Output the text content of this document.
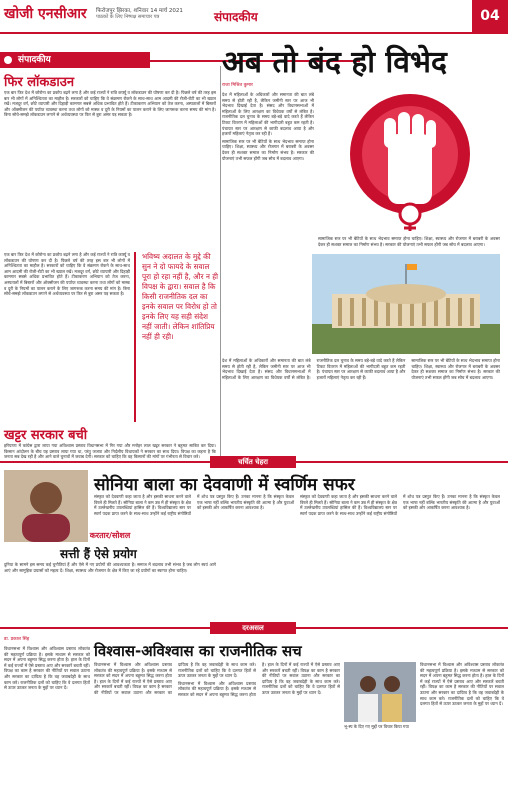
खोजी एनसीआर फिरोजपुर झिरका, शनिवार 14 मार्च 2021
पाठकों के लिए निष्पक्ष समाचार पत्र	संपादकीय	04
संपादकीय
फिर लॉकडाउन

एक बार फिर देश में कोरोना का प्रकोप बढ़ने लगा है और कई राज्यों ने रात्रि कर्फ्यू व लॉकडाउन की घोषणा कर दी है। पिछले वर्ष की तरह इस बार भी लोगों में अनिश्चितता का माहौल है। सरकारों को चाहिए कि वे संक्रमण रोकने के साथ-साथ आम आदमी की रोजी-रोटी का भी ख्याल रखें। मजदूर वर्ग, छोटे व्यापारी और दिहाड़ी कामगार सबसे अधिक प्रभावित होते हैं। टीकाकरण अभियान को तेज करना, अस्पतालों में बिस्तरों और ऑक्सीजन की पर्याप्त व्यवस्था करना तथा लोगों को मास्क व दूरी के नियमों का पालन कराने के लिए जागरूक करना समय की मांग है। बिना सोचे-समझे लॉकडाउन लगाने से अर्थव्यवस्था पर फिर से बुरा असर पड़ सकता है।

एक बार फिर देश में कोरोना का प्रकोप बढ़ने लगा है और कई राज्यों ने रात्रि कर्फ्यू व लॉकडाउन की घोषणा कर दी है। पिछले वर्ष की तरह इस बार भी लोगों में अनिश्चितता का माहौल है। सरकारों को चाहिए कि वे संक्रमण रोकने के साथ-साथ आम आदमी की रोजी-रोटी का भी ख्याल रखें। मजदूर वर्ग, छोटे व्यापारी और दिहाड़ी कामगार सबसे अधिक प्रभावित होते हैं। टीकाकरण अभियान को तेज करना, अस्पतालों में बिस्तरों और ऑक्सीजन की पर्याप्त व्यवस्था करना तथा लोगों को मास्क व दूरी के नियमों का पालन कराने के लिए जागरूक करना समय की मांग है। बिना सोचे-समझे लॉकडाउन लगाने से अर्थव्यवस्था पर फिर से बुरा असर पड़ सकता है।

भविष्य अदालत के मुद्दे की सुन ने दो फायदे के सवाल पूरा हो रहा नहीं है, और न ही विपक्ष के द्वारा। सवाल है कि किसी राजनीतिक दल का इनके सवाल पर विरोध हो तो इनके लिए यह सही संदेश नहीं जाती। लेकिन शांतिप्रिय नहीं ही रही।
खट्टर सरकार बची

हरियाणा में कांग्रेस द्वारा लाया गया अविश्वास प्रस्ताव विधानसभा में गिर गया और मनोहर लाल खट्टर सरकार ने बहुमत साबित कर दिया। किसान आंदोलन के बीच यह प्रस्ताव लाया गया था, परंतु जजपा और निर्दलीय विधायकों ने सरकार का साथ दिया। विपक्ष का कहना है कि जनता सब देख रही है और आने वाले चुनावों में जवाब देगी। सरकार को चाहिए कि वह किसानों की मांगों पर गंभीरता से विचार करे।

करतार/सोशल
सत्ती हैं ऐसे प्रयोग

दुनिया के सामने इस समय कई चुनौतियां हैं और ऐसे में नए प्रयोगों की आवश्यकता है। समाज में बदलाव तभी संभव है जब लोग स्वयं आगे आएं और सामूहिक प्रयासों को महत्व दें। शिक्षा, स्वास्थ्य और रोजगार के क्षेत्र में किए जा रहे प्रयोगों का स्वागत होना चाहिए।

अब तो बंद हो विभेद
राजा मिश्रित कुमार

देश में महिलाओं के अधिकारों और समानता की बात लंबे समय से होती रही है, लेकिन जमीनी स्तर पर आज भी भेदभाव दिखाई देता है। संसद और विधानसभाओं में महिलाओं के लिए आरक्षण का विधेयक वर्षों से लंबित है। राजनीतिक दल चुनाव के समय बड़े-बड़े वादे करते हैं लेकिन टिकट वितरण में महिलाओं की भागीदारी बहुत कम रहती है। पंचायत स्तर पर आरक्षण से काफी बदलाव आया है और हजारों महिलाएं नेतृत्व कर रही हैं।

सामाजिक स्तर पर भी बेटियों के साथ भेदभाव समाप्त होना चाहिए। शिक्षा, स्वास्थ्य और रोजगार में बराबरी के अवसर देकर ही सशक्त समाज का निर्माण संभव है। सरकार की योजनाएं तभी सफल होंगी जब सोच में बदलाव आएगा।

सामाजिक स्तर पर भी बेटियों के साथ भेदभाव समाप्त होना चाहिए। शिक्षा, स्वास्थ्य और रोजगार में बराबरी के अवसर देकर ही सशक्त समाज का निर्माण संभव है। सरकार की योजनाएं तभी सफल होंगी जब सोच में बदलाव आएगा।

देश में महिलाओं के अधिकारों और समानता की बात लंबे समय से होती रही है, लेकिन जमीनी स्तर पर आज भी भेदभाव दिखाई देता है। संसद और विधानसभाओं में महिलाओं के लिए आरक्षण का विधेयक वर्षों से लंबित है। राजनीतिक दल चुनाव के समय बड़े-बड़े वादे करते हैं लेकिन टिकट वितरण में महिलाओं की भागीदारी बहुत कम रहती है। पंचायत स्तर पर आरक्षण से काफी बदलाव आया है और हजारों महिलाएं नेतृत्व कर रही हैं।

सामाजिक स्तर पर भी बेटियों के साथ भेदभाव समाप्त होना चाहिए। शिक्षा, स्वास्थ्य और रोजगार में बराबरी के अवसर देकर ही सशक्त समाज का निर्माण संभव है। सरकार की योजनाएं तभी सफल होंगी जब सोच में बदलाव आएगा।

चर्चित चेहरा
सोनिया बाला का देववाणी में स्वर्णिम सफर

संस्कृत को देववाणी कहा जाता है और इसकी साधना करने वाले विरले ही मिलते हैं। सोनिया बाला ने कम उम्र में ही संस्कृत के क्षेत्र में उल्लेखनीय उपलब्धियां हासिल की हैं। विश्वविद्यालय स्तर पर स्वर्ण पदक प्राप्त करने के साथ-साथ उन्होंने कई राष्ट्रीय संगोष्ठियों में शोध पत्र प्रस्तुत किए हैं। उनका मानना है कि संस्कृत केवल एक भाषा नहीं बल्कि भारतीय संस्कृति की आत्मा है और युवाओं को इसकी ओर आकर्षित करना आवश्यक है।

संस्कृत को देववाणी कहा जाता है और इसकी साधना करने वाले विरले ही मिलते हैं। सोनिया बाला ने कम उम्र में ही संस्कृत के क्षेत्र में उल्लेखनीय उपलब्धियां हासिल की हैं। विश्वविद्यालय स्तर पर स्वर्ण पदक प्राप्त करने के साथ-साथ उन्होंने कई राष्ट्रीय संगोष्ठियों में शोध पत्र प्रस्तुत किए हैं। उनका मानना है कि संस्कृत केवल एक भाषा नहीं बल्कि भारतीय संस्कृति की आत्मा है और युवाओं को इसकी ओर आकर्षित करना आवश्यक है।

दरअसल
विश्वास-अविश्वास का राजनीतिक सच
डा. प्रकाश सिंह

विधानसभा में विश्वास और अविश्वास प्रस्ताव लोकतंत्र की महत्वपूर्ण प्रक्रिया है। इसके माध्यम से सरकार को सदन में अपना बहुमत सिद्ध करना होता है। हाल के दिनों में कई राज्यों में ऐसे प्रस्ताव आए और सरकारें बचती रहीं। विपक्ष का काम है सरकार की नीतियों पर सवाल उठाना और सरकार का दायित्व है कि वह जवाबदेही के साथ काम करे। राजनीतिक दलों को चाहिए कि वे दलगत हितों से ऊपर उठकर जनता के मुद्दों पर ध्यान दें।

विधानसभा में विश्वास और अविश्वास प्रस्ताव लोकतंत्र की महत्वपूर्ण प्रक्रिया है। इसके माध्यम से सरकार को सदन में अपना बहुमत सिद्ध करना होता है। हाल के दिनों में कई राज्यों में ऐसे प्रस्ताव आए और सरकारें बचती रहीं। विपक्ष का काम है सरकार की नीतियों पर सवाल उठाना और सरकार का दायित्व है कि वह जवाबदेही के साथ काम करे। राजनीतिक दलों को चाहिए कि वे दलगत हितों से ऊपर उठकर जनता के मुद्दों पर ध्यान दें।

विधानसभा में विश्वास और अविश्वास प्रस्ताव लोकतंत्र की महत्वपूर्ण प्रक्रिया है। इसके माध्यम से सरकार को सदन में अपना बहुमत सिद्ध करना होता है। हाल के दिनों में कई राज्यों में ऐसे प्रस्ताव आए और सरकारें बचती रहीं। विपक्ष का काम है सरकार की नीतियों पर सवाल उठाना और सरकार का दायित्व है कि वह जवाबदेही के साथ काम करे। राजनीतिक दलों को चाहिए कि वे दलगत हितों से ऊपर उठकर जनता के मुद्दों पर ध्यान दें।

भू-स्प के दिए गए मुद्दों पर विचार किया गया

विधानसभा में विश्वास और अविश्वास प्रस्ताव लोकतंत्र की महत्वपूर्ण प्रक्रिया है। इसके माध्यम से सरकार को सदन में अपना बहुमत सिद्ध करना होता है। हाल के दिनों में कई राज्यों में ऐसे प्रस्ताव आए और सरकारें बचती रहीं। विपक्ष का काम है सरकार की नीतियों पर सवाल उठाना और सरकार का दायित्व है कि वह जवाबदेही के साथ काम करे। राजनीतिक दलों को चाहिए कि वे दलगत हितों से ऊपर उठकर जनता के मुद्दों पर ध्यान दें।
